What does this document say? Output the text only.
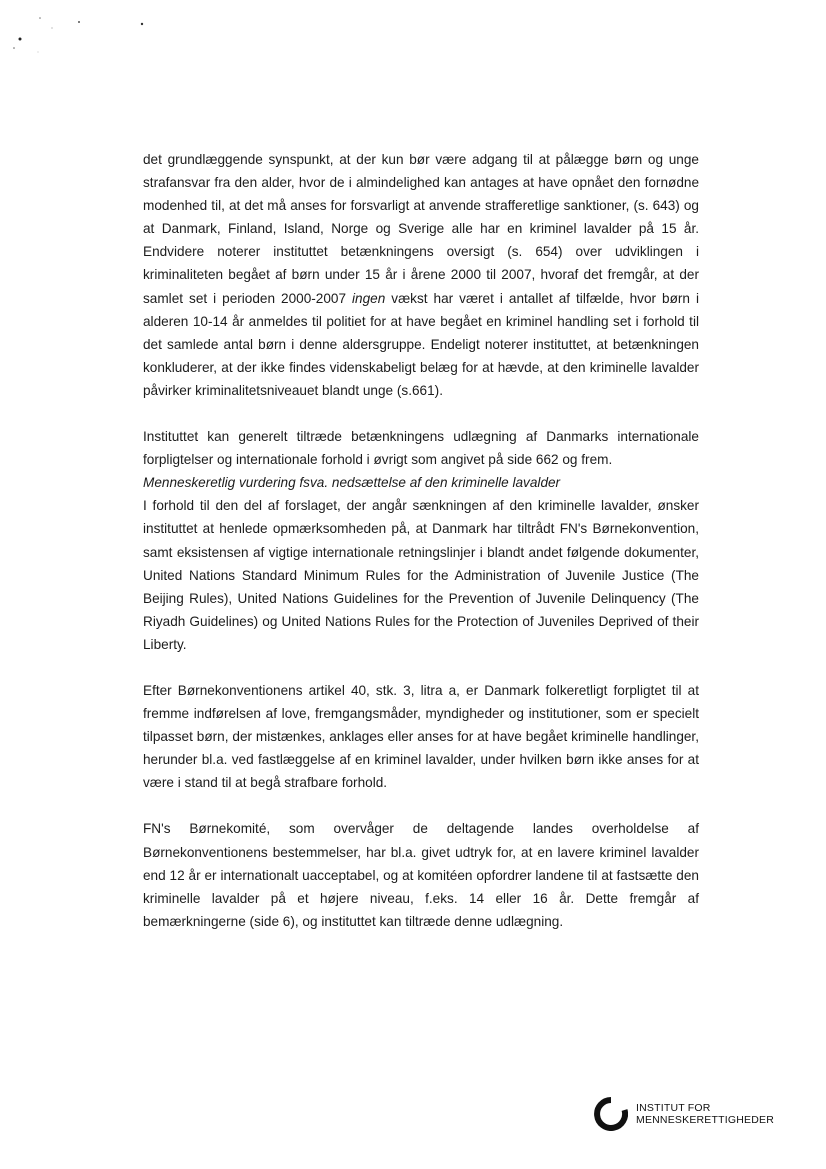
det grundlæggende synspunkt, at der kun bør være adgang til at pålægge børn og unge strafansvar fra den alder, hvor de i almindelighed kan antages at have opnået den fornødne modenhed til, at det må anses for forsvarligt at anvende strafferetlige sanktioner, (s. 643) og at Danmark, Finland, Island, Norge og Sverige alle har en kriminel lavalder på 15 år. Endvidere noterer instituttet betænkningens oversigt (s. 654) over udviklingen i kriminaliteten begået af børn under 15 år i årene 2000 til 2007, hvoraf det fremgår, at der samlet set i perioden 2000-2007 ingen vækst har været i antallet af tilfælde, hvor børn i alderen 10-14 år anmeldes til politiet for at have begået en kriminel handling set i forhold til det samlede antal børn i denne aldersgruppe. Endeligt noterer instituttet, at betænkningen konkluderer, at der ikke findes videnskabeligt belæg for at hævde, at den kriminelle lavalder påvirker kriminalitetsniveauet blandt unge (s.661).

Instituttet kan generelt tiltræde betænkningens udlægning af Danmarks internationale forpligtelser og internationale forhold i øvrigt som angivet på side 662 og frem.

Menneskeretlig vurdering fsva. nedsættelse af den kriminelle lavalder

I forhold til den del af forslaget, der angår sænkningen af den kriminelle lavalder, ønsker instituttet at henlede opmærksomheden på, at Danmark har tiltrådt FN's Børnekonvention, samt eksistensen af vigtige internationale retningslinjer i blandt andet følgende dokumenter, United Nations Standard Minimum Rules for the Administration of Juvenile Justice (The Beijing Rules), United Nations Guidelines for the Prevention of Juvenile Delinquency (The Riyadh Guidelines) og United Nations Rules for the Protection of Juveniles Deprived of their Liberty.

Efter Børnekonventionens artikel 40, stk. 3, litra a, er Danmark folkeretligt forpligtet til at fremme indførelsen af love, fremgangsmåder, myndigheder og institutioner, som er specielt tilpasset børn, der mistænkes, anklages eller anses for at have begået kriminelle handlinger, herunder bl.a. ved fastlæggelse af en kriminel lavalder, under hvilken børn ikke anses for at være i stand til at begå strafbare forhold.

FN's Børnekomité, som overvåger de deltagende landes overholdelse af Børnekonventionens bestemmelser, har bl.a. givet udtryk for, at en lavere kriminel lavalder end 12 år er internationalt uacceptabel, og at komitéen opfordrer landene til at fastsætte den kriminelle lavalder på et højere niveau, f.eks. 14 eller 16 år. Dette fremgår af bemærkningerne (side 6), og instituttet kan tiltræde denne udlægning.

INSTITUT FOR
MENNESKERETTIGHEDER
